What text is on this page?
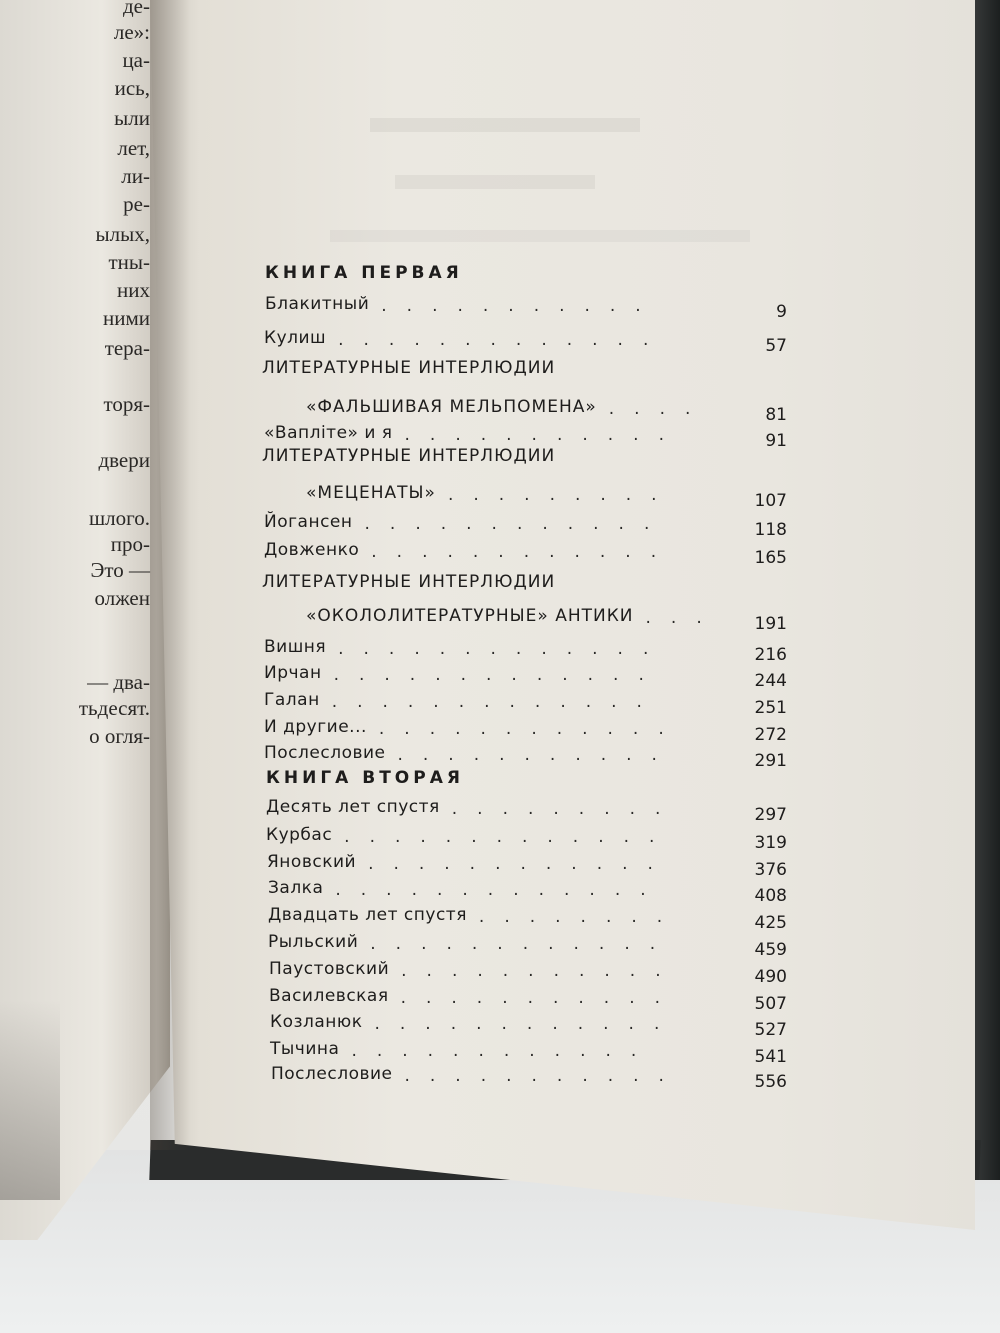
де-
ле»:
ца-
ись,
ыли
лет,
ли-
ре-
ылых,
тны-
них
ними
тера-
торя-
двери
шлого.
про-
Это —
олжен
— два-
тьдесят.
о огля-
КНИГА ПЕРВАЯ
КНИГА ВТОРАЯ
Блакитный ...........	9
Кулиш .............	57
ЛИТЕРАТУРНЫЕ ИНТЕРЛЮДИИ
«ФАЛЬШИВАЯ МЕЛЬПОМЕНА» ....	81
«Вапліте» и я ...........	91
ЛИТЕРАТУРНЫЕ ИНТЕРЛЮДИИ
«МЕЦЕНАТЫ» .........	107
Йогансен ............	118
Довженко ............	165
ЛИТЕРАТУРНЫЕ ИНТЕРЛЮДИИ
«ОКОЛОЛИТЕРАТУРНЫЕ» АНТИКИ ...	191
Вишня .............	216
Ирчан .............	244
Галан .............	251
И другие... ............	272
Послесловие ...........	291
Десять лет спустя .........	297
Курбас .............	319
Яновский ............	376
Залка .............	408
Двадцать лет спустя ........	425
Рыльский ............	459
Паустовский ...........	490
Василевская ...........	507
Козланюк ............	527
Тычина ............	541
Послесловие ...........	556
